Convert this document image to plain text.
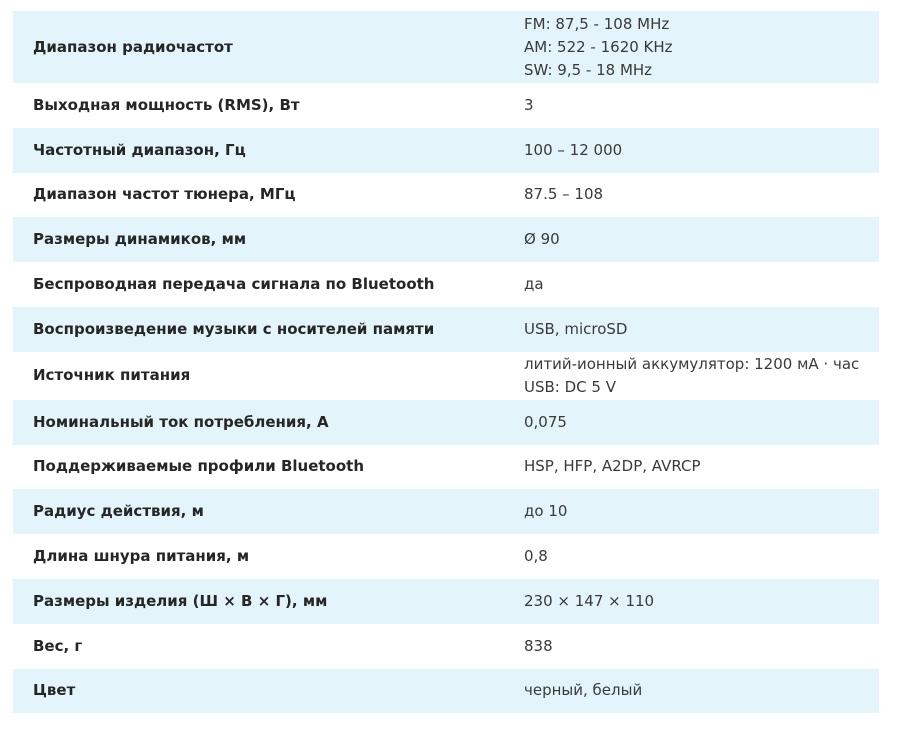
Диапазон радиочастот	FM: 87,5 - 108 MHz
AM: 522 - 1620 KHz
SW: 9,5 - 18 MHz

Выходная мощность (RMS), Вт	3

Частотный диапазон, Гц	100 – 12 000

Диапазон частот тюнера, МГц	87.5 – 108

Размеры динамиков, мм	Ø 90

Беспроводная передача сигнала по Bluetooth	да

Воспроизведение музыки с носителей памяти	USB, microSD

Источник питания	литий-ионный аккумулятор: 1200 мА · час
USB: DC 5 V

Номинальный ток потребления, А	0,075

Поддерживаемые профили Bluetooth	HSP, HFP, A2DP, AVRCP

Радиус действия, м	до 10

Длина шнура питания, м	0,8

Размеры изделия (Ш × В × Г), мм	230 × 147 × 110

Вес, г	838

Цвет	черный, белый
